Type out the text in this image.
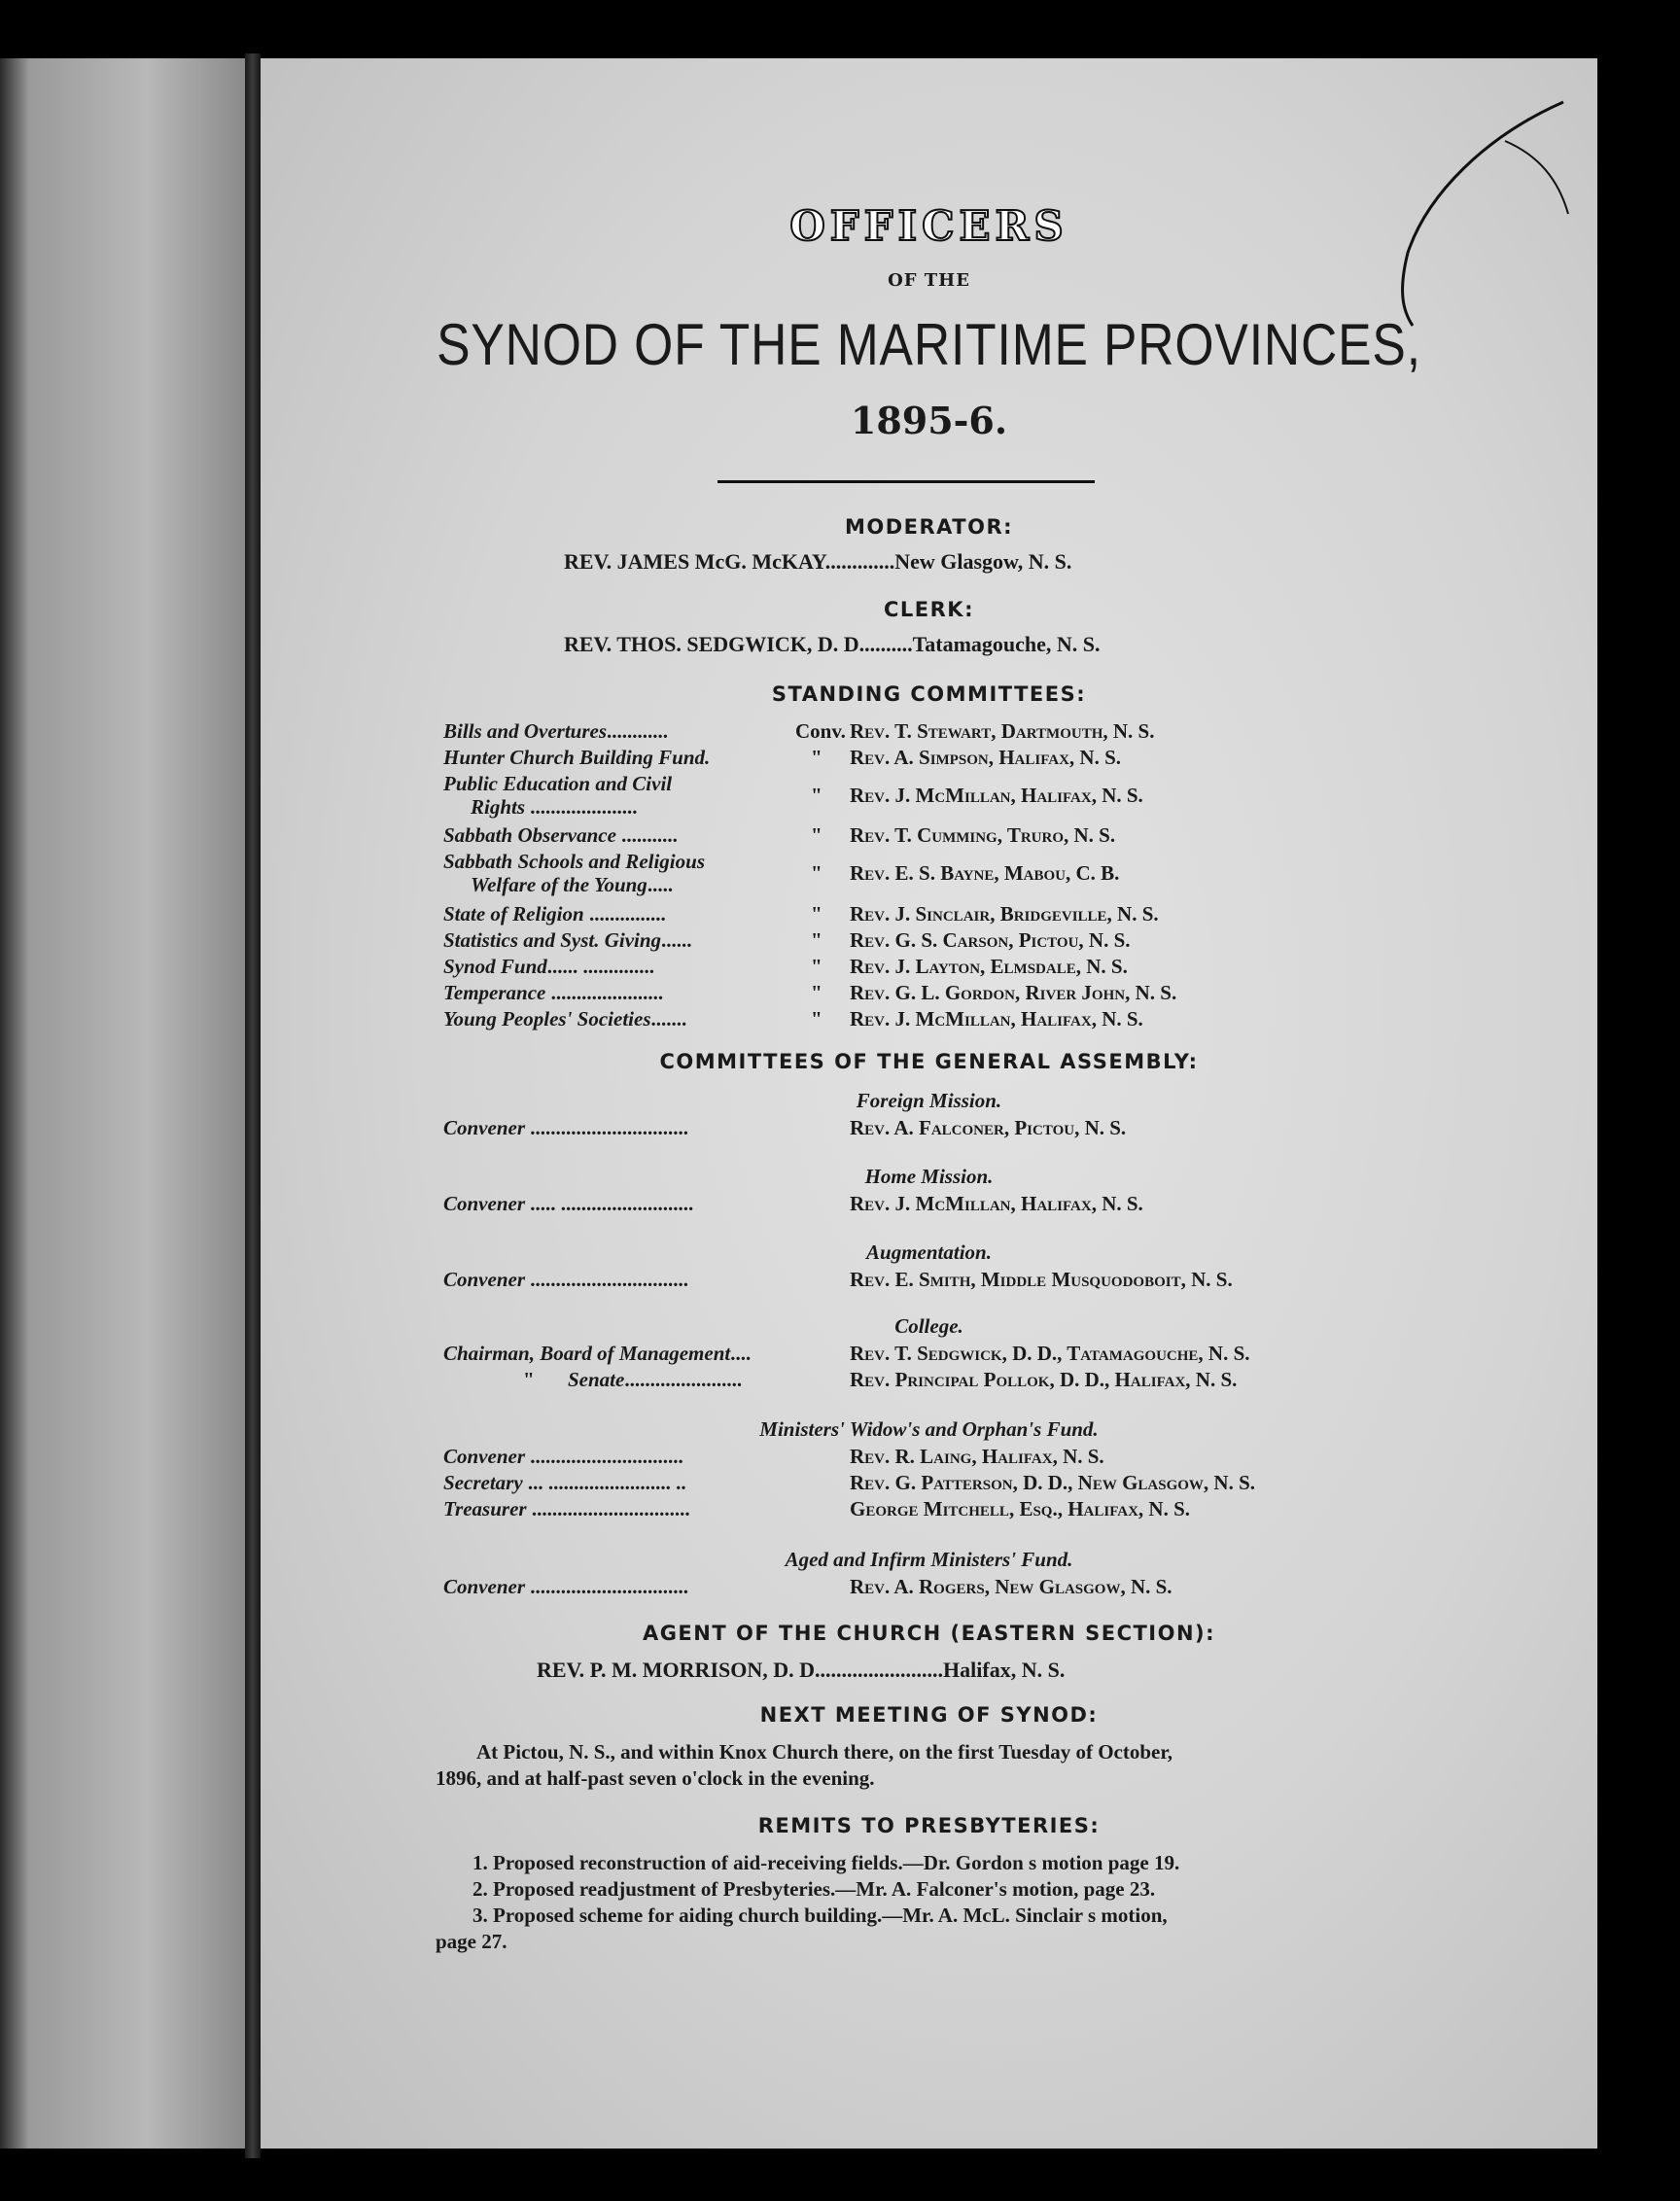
OFFICERS
OF THE
SYNOD OF THE MARITIME PROVINCES,
1895-6.
MODERATOR:
REV. JAMES McG. McKAY.............New Glasgow, N. S.
CLERK:
REV. THOS. SEDGWICK, D. D..........Tatamagouche, N. S.
STANDING COMMITTEES:
Bills and Overtures............	Conv. Rev. T. Stewart, Dartmouth, N. S.
Hunter Church Building Fund.	" Rev. A. Simpson, Halifax, N. S.
Public Education and Civil
Rights .....................	" Rev. J. McMillan, Halifax, N. S.
Sabbath Observance ...........	" Rev. T. Cumming, Truro, N. S.
Sabbath Schools and Religious
Welfare of the Young.....	" Rev. E. S. Bayne, Mabou, C. B.
State of Religion ...............	" Rev. J. Sinclair, Bridgeville, N. S.
Statistics and Syst. Giving......	" Rev. G. S. Carson, Pictou, N. S.
Synod Fund...... ..............	" Rev. J. Layton, Elmsdale, N. S.
Temperance ......................	" Rev. G. L. Gordon, River John, N. S.
Young Peoples' Societies.......	" Rev. J. McMillan, Halifax, N. S.
COMMITTEES OF THE GENERAL ASSEMBLY:
Foreign Mission.
Convener ...............................	Rev. A. Falconer, Pictou, N. S.
Home Mission.
Convener ..... ..........................	Rev. J. McMillan, Halifax, N. S.
Augmentation.
Convener ...............................	Rev. E. Smith, Middle Musquodoboit, N. S.
College.
Chairman, Board of Management....	Rev. T. Sedgwick, D. D., Tatamagouche, N. S.
" Senate.......................	Rev. Principal Pollok, D. D., Halifax, N. S.
Ministers' Widow's and Orphan's Fund.
Convener ..............................	Rev. R. Laing, Halifax, N. S.
Secretary ... ........................ ..	Rev. G. Patterson, D. D., New Glasgow, N. S.
Treasurer ...............................	George Mitchell, Esq., Halifax, N. S.
Aged and Infirm Ministers' Fund.
Convener ...............................	Rev. A. Rogers, New Glasgow, N. S.
AGENT OF THE CHURCH (EASTERN SECTION):
REV. P. M. MORRISON, D. D........................Halifax, N. S.
NEXT MEETING OF SYNOD:
At Pictou, N. S., and within Knox Church there, on the first Tuesday of October,
1896, and at half-past seven o'clock in the evening.
REMITS TO PRESBYTERIES:
1. Proposed reconstruction of aid-receiving fields.—Dr. Gordon s motion page 19.
2. Proposed readjustment of Presbyteries.—Mr. A. Falconer's motion, page 23.
3. Proposed scheme for aiding church building.—Mr. A. McL. Sinclair s motion,
page 27.
